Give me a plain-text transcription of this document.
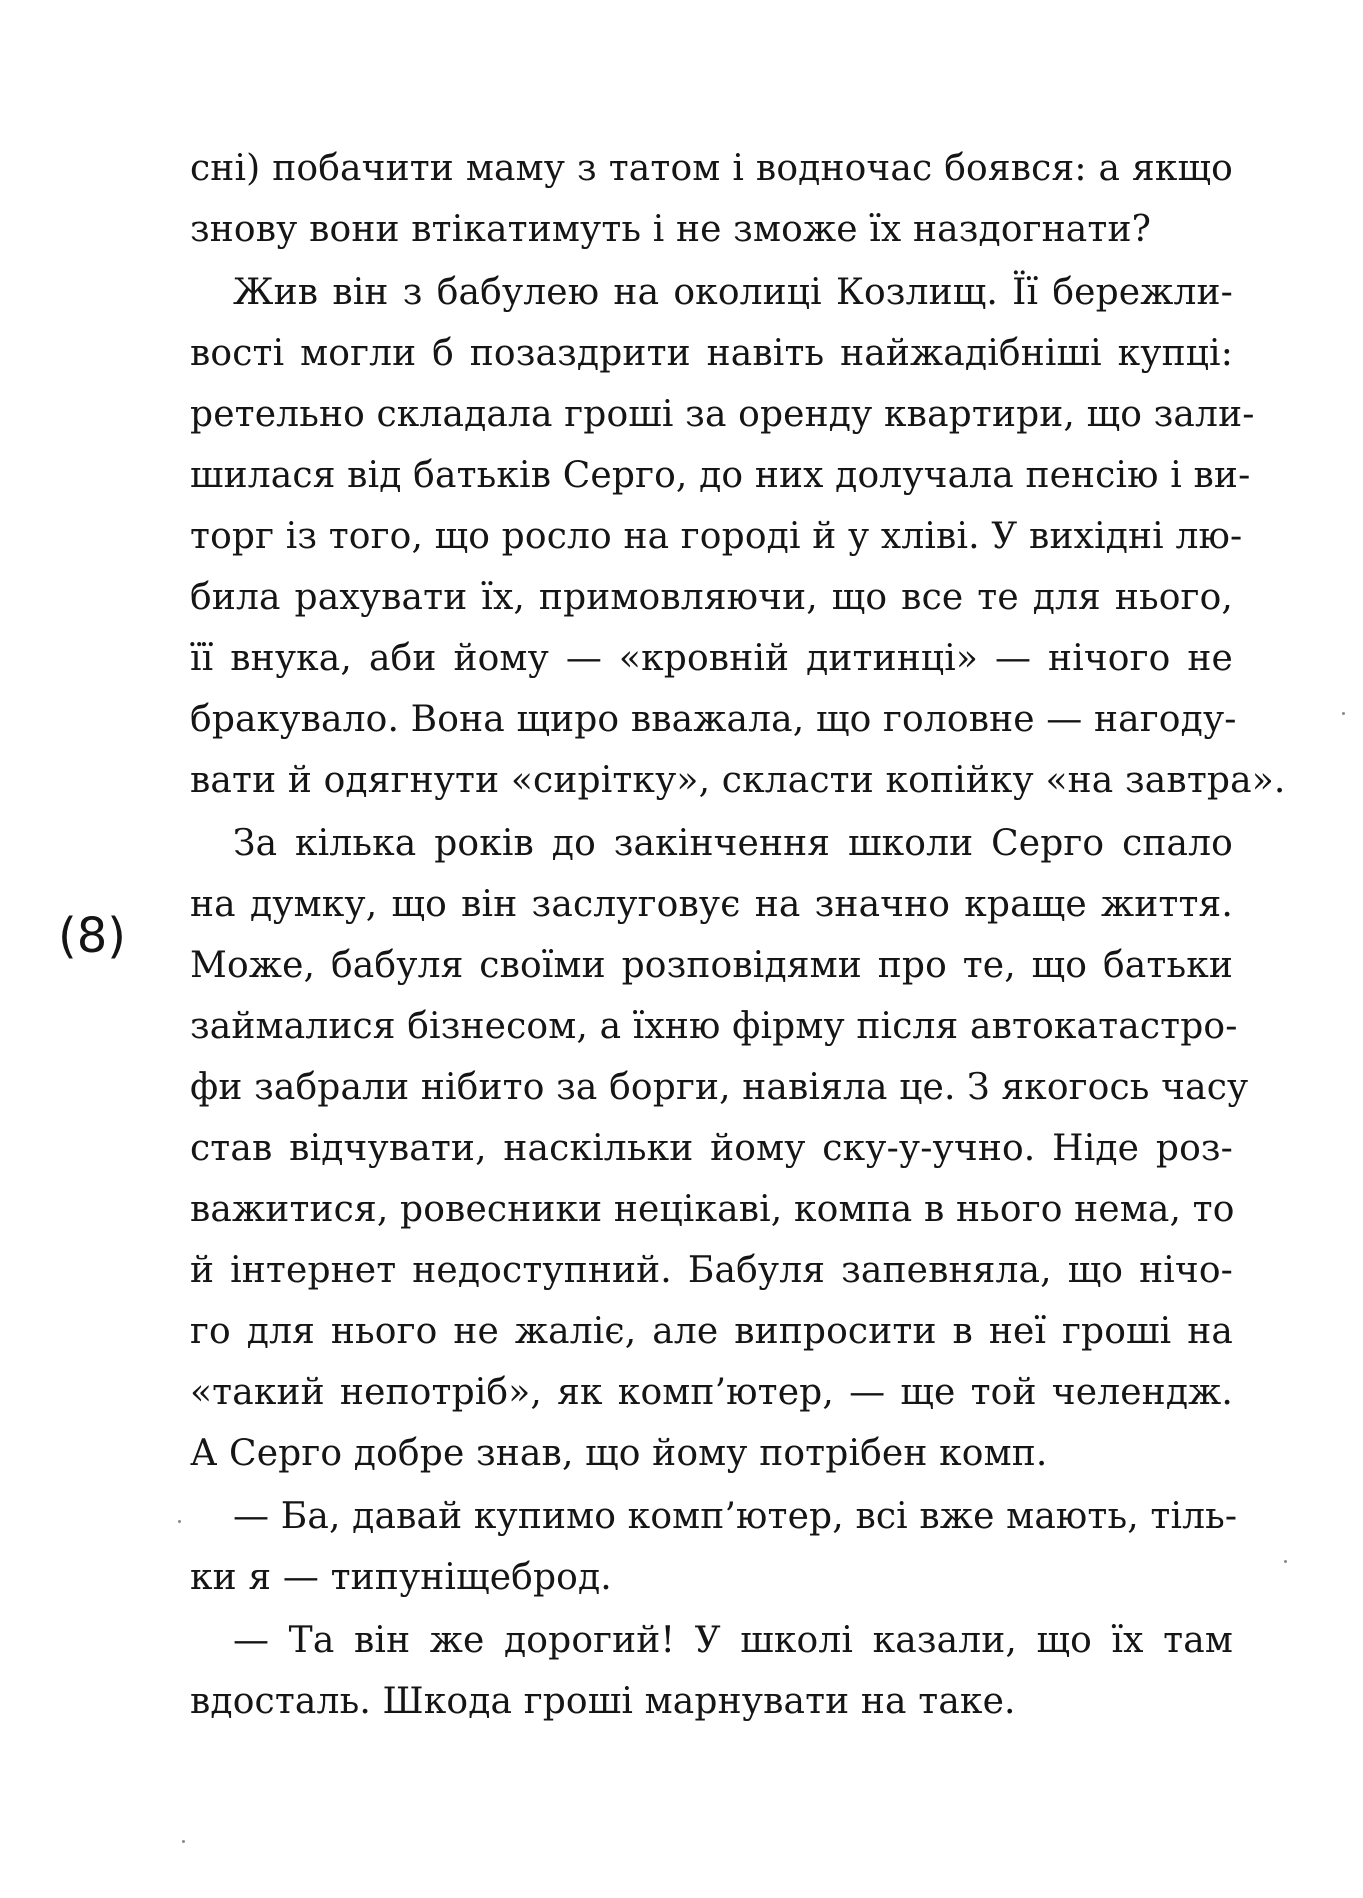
(8)
сні) побачити маму з татом і водночас боявся: а якщо
знову вони втікатимуть і не зможе їх наздогнати?
Жив він з бабулею на околиці Козлищ. Її бережли-
вості могли б позаздрити навіть найжадібніші купці:
ретельно складала гроші за оренду квартири, що зали-
шилася від батьків Серго, до них долучала пенсію і ви-
торг із того, що росло на городі й у хліві. У вихідні лю-
била рахувати їх, примовляючи, що все те для нього,
її внука, аби йому — «кровній дитинці» — нічого не
бракувало. Вона щиро вважала, що головне — нагоду-
вати й одягнути «сирітку», скласти копійку «на завтра».
За кілька років до закінчення школи Серго спало
на думку, що він заслуговує на значно краще життя.
Може, бабуля своїми розповідями про те, що батьки
займалися бізнесом, а їхню фірму після автокатастро-
фи забрали нібито за борги, навіяла це. З якогось часу
став відчувати, наскільки йому ску-у-учно. Ніде роз-
важитися, ровесники нецікаві, компа в нього нема, то
й інтернет недоступний. Бабуля запевняла, що нічо-
го для нього не жаліє, але випросити в неї гроші на
«такий непотріб», як комп’ютер, — ще той челендж.
А Серго добре знав, що йому потрібен комп.
— Ба, давай купимо комп’ютер, всі вже мають, тіль-
ки я — типуніщеброд.
— Та він же дорогий! У школі казали, що їх там
вдосталь. Шкода гроші марнувати на таке.
